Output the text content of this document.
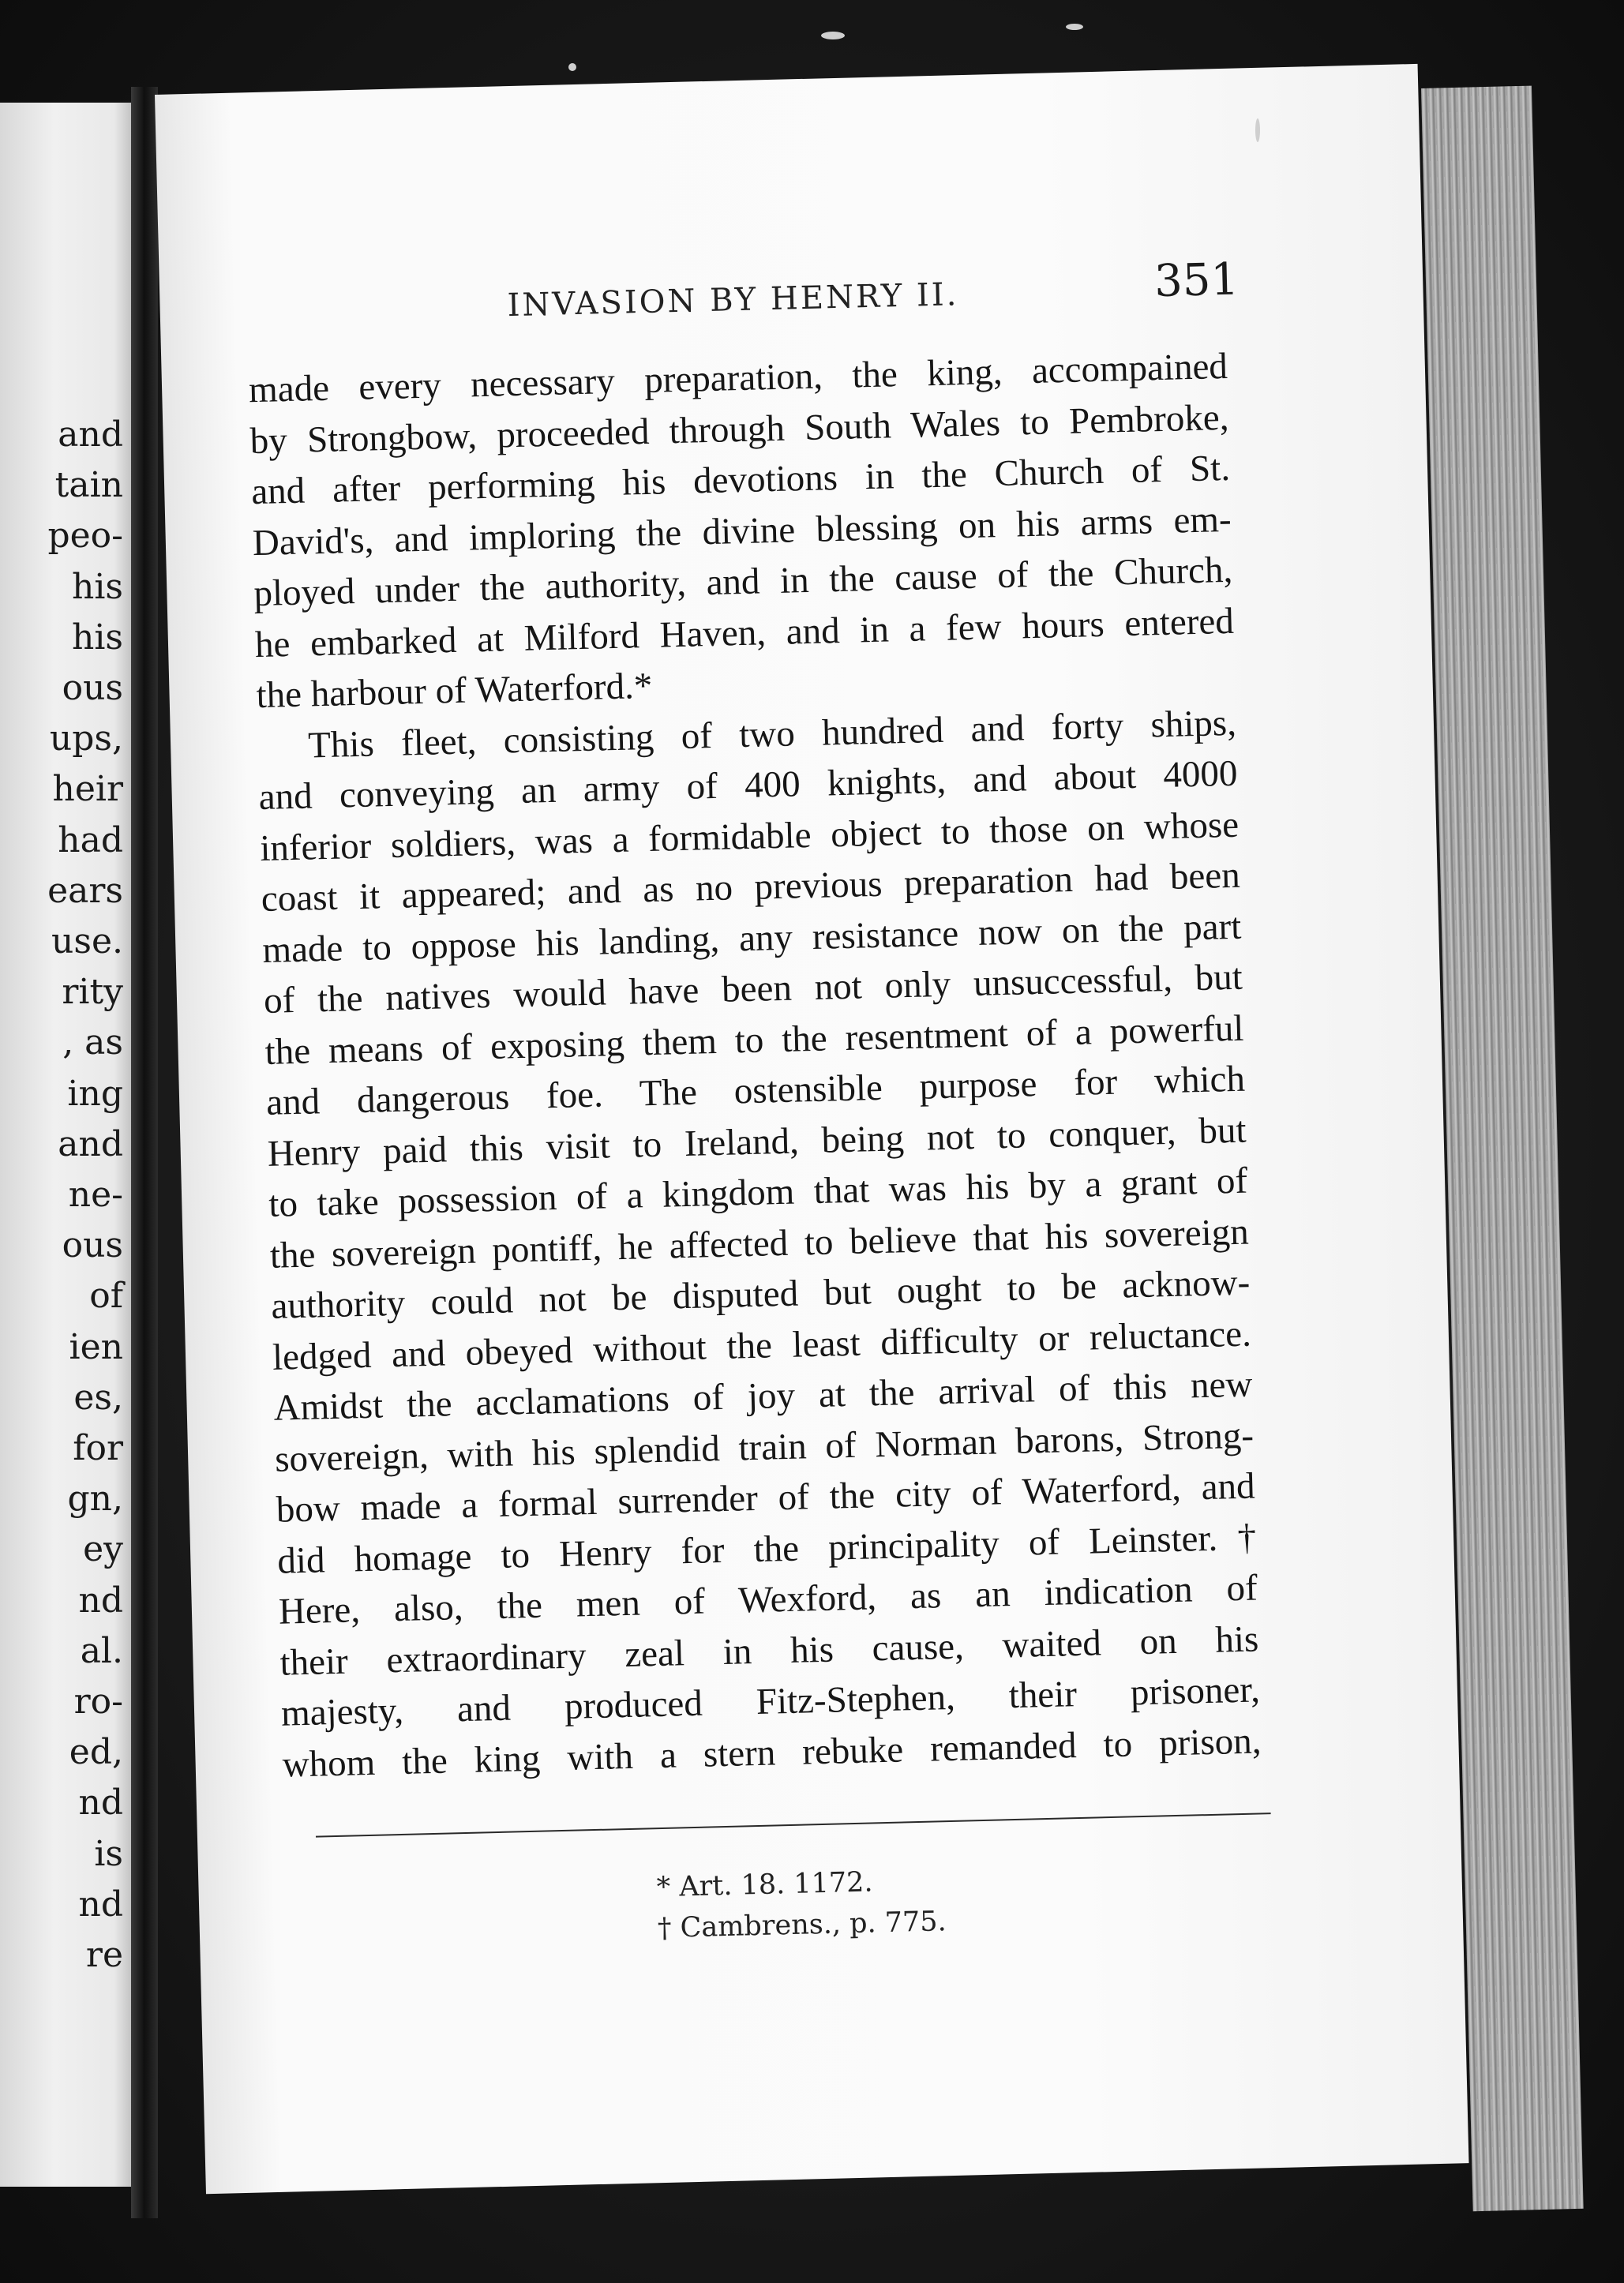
and
tain
peo-
his
his
ous
ups,
heir
had
ears
use.
rity
, as
ing
and
ne-
ous
of
ien
es,
for
gn,
ey
nd
al.
ro-
ed,
nd
is
nd
re
INVASION BY HENRY II.	351
made every necessary preparation, the king, accompained
by Strongbow, proceeded through South Wales to Pembroke,
and after performing his devotions in the Church of St.
David's, and imploring the divine blessing on his arms em-
ployed under the authority, and in the cause of the Church,
he embarked at Milford Haven, and in a few hours entered
the harbour of Waterford.*
This fleet, consisting of two hundred and forty ships,
and conveying an army of 400 knights, and about 4000
inferior soldiers, was a formidable object to those on whose
coast it appeared; and as no previous preparation had been
made to oppose his landing, any resistance now on the part
of the natives would have been not only unsuccessful, but
the means of exposing them to the resentment of a powerful
and dangerous foe. The ostensible purpose for which
Henry paid this visit to Ireland, being not to conquer, but
to take possession of a kingdom that was his by a grant of
the sovereign pontiff, he affected to believe that his sovereign
authority could not be disputed but ought to be acknow-
ledged and obeyed without the least difficulty or reluctance.
Amidst the acclamations of joy at the arrival of this new
sovereign, with his splendid train of Norman barons, Strong-
bow made a formal surrender of the city of Waterford, and
did homage to Henry for the principality of Leinster.†
Here, also, the men of Wexford, as an indication of
their extraordinary zeal in his cause, waited on his
majesty, and produced Fitz-Stephen, their prisoner,
whom the king with a stern rebuke remanded to prison,
* Art. 18. 1172.
† Cambrens., p. 775.
